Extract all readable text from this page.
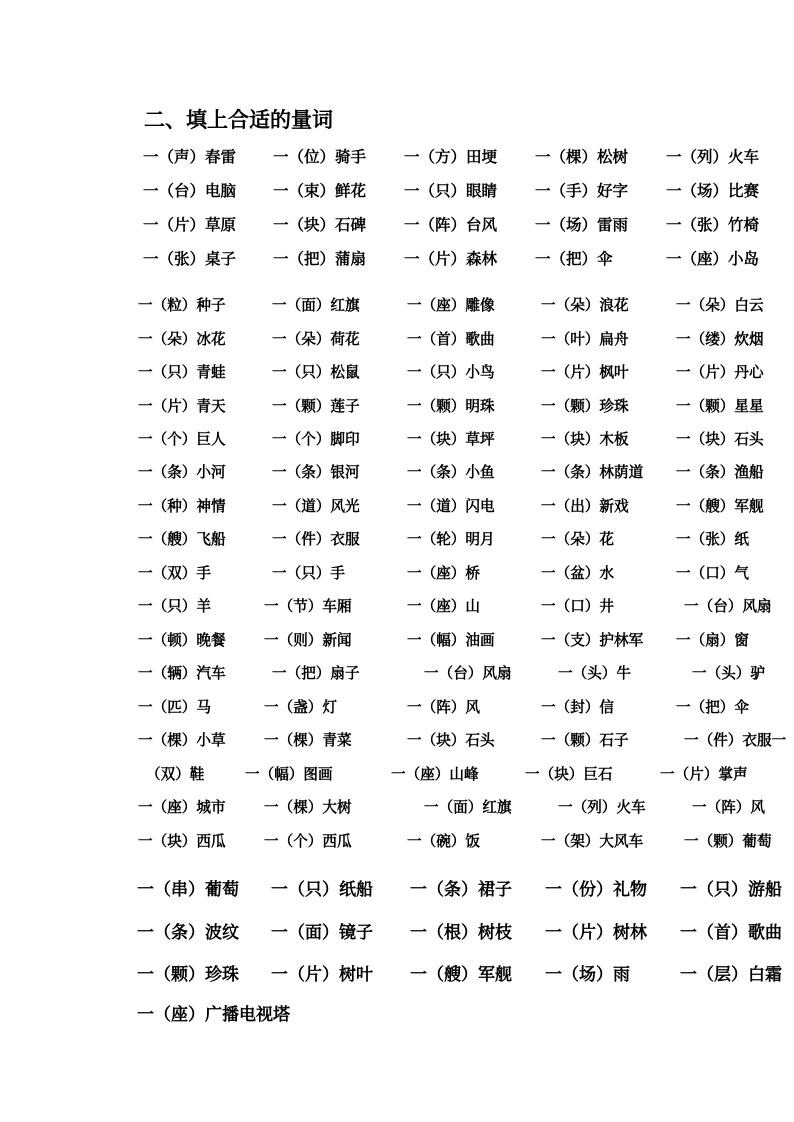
二、填上合适的量词
一（声）春雷 一（位）骑手 一（方）田埂 一（棵）松树 一（列）火车
一（台）电脑 一（束）鲜花 一（只）眼睛 一（手）好字 一（场）比赛
一（片）草原 一（块）石碑 一（阵）台风 一（场）雷雨 一（张）竹椅
一（张）桌子 一（把）蒲扇 一（片）森林 一（把）伞	一（座）小岛
一（粒）种子	一（面）红旗	一（座）雕像	一（朵）浪花	一（朵）白云
一（朵）冰花	一（朵）荷花	一（首）歌曲	一（叶）扁舟	一（缕）炊烟
一（只）青蛙	一（只）松鼠	一（只）小鸟	一（片）枫叶	一（片）丹心
一（片）青天	一（颗）莲子	一（颗）明珠	一（颗）珍珠	一（颗）星星
一（个）巨人	一（个）脚印	一（块）草坪	一（块）木板	一（块）石头
一（条）小河	一（条）银河	一（条）小鱼	一（条）林荫道 一（条）渔船
一（种）神情	一（道）风光	一（道）闪电	一（出）新戏	一（艘）军舰
一（艘）飞船	一（件）衣服	一（轮）明月	一（朵）花	一（张）纸
一（双）手	一（只）手	一（座）桥	一（盆）水	一（口）气
一（只）羊	一（节）车厢	一（座）山	一（口）井	一（台）风扇
一（顿）晚餐	一（则）新闻	一（幅）油画	一（支）护林军 一（扇）窗
一（辆）汽车	一（把）扇子	一（台）风扇	一（头）牛	一（头）驴
一（匹）马	一（盏）灯	一（阵）风	一（封）信	一（把）伞
一（棵）小草	一（棵）青菜	一（块）石头	一（颗）石子	一（件）衣服一
（双）鞋	一（幅）图画	一（座）山峰	一（块）巨石	一（片）掌声
一（座）城市	一（棵）大树	一（面）红旗	一（列）火车	一（阵）风
一（块）西瓜	一（个）西瓜	一（碗）饭	一（架）大风车	一（颗）葡萄
一（串）葡萄 一（只）纸船 一（条）裙子 一（份）礼物 一（只）游船
一（条）波纹 一（面）镜子 一（根）树枝 一（片）树林 一（首）歌曲
一（颗）珍珠 一（片）树叶 一（艘）军舰 一（场）雨	一（层）白霜
一（座）广播电视塔
